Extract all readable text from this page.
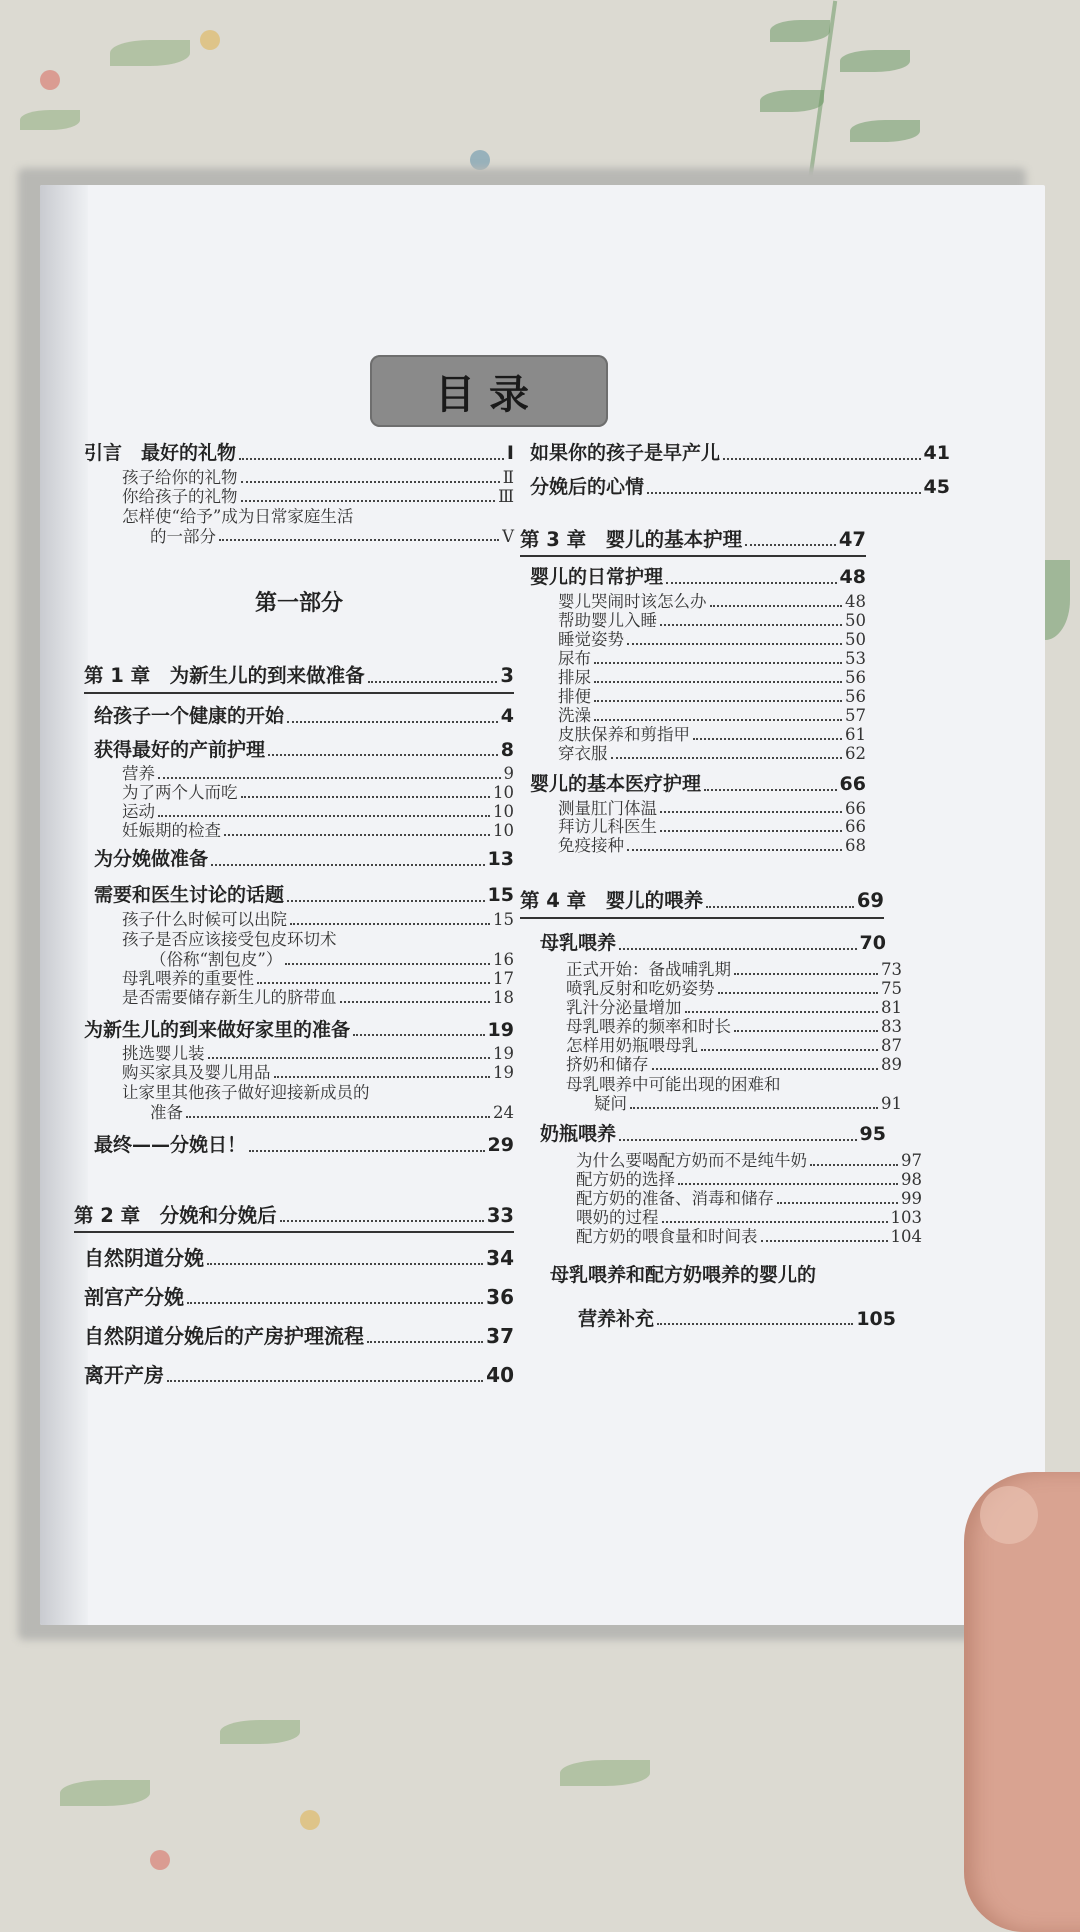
目录
引言　最好的礼物	Ⅰ
孩子给你的礼物	Ⅱ
你给孩子的礼物	Ⅲ
怎样使“给予”成为日常家庭生活
的一部分	Ⅴ
第一部分
第 1 章　为新生儿的到来做准备	3
给孩子一个健康的开始	4
获得最好的产前护理	8
营养	9
为了两个人而吃	10
运动	10
妊娠期的检查	10
为分娩做准备	13
需要和医生讨论的话题	15
孩子什么时候可以出院	15
孩子是否应该接受包皮环切术
（俗称“割包皮”）	16
母乳喂养的重要性	17
是否需要储存新生儿的脐带血	18
为新生儿的到来做好家里的准备	19
挑选婴儿装	19
购买家具及婴儿用品	19
让家里其他孩子做好迎接新成员的
准备	24
最终——分娩日！	29
第 2 章　分娩和分娩后	33
自然阴道分娩	34
剖宫产分娩	36
自然阴道分娩后的产房护理流程	37
离开产房	40
如果你的孩子是早产儿	41
分娩后的心情	45
第 3 章　婴儿的基本护理	47
婴儿的日常护理	48
婴儿哭闹时该怎么办	48
帮助婴儿入睡	50
睡觉姿势	50
尿布	53
排尿	56
排便	56
洗澡	57
皮肤保养和剪指甲	61
穿衣服	62
婴儿的基本医疗护理	66
测量肛门体温	66
拜访儿科医生	66
免疫接种	68
第 4 章　婴儿的喂养	69
母乳喂养	70
正式开始：备战哺乳期	73
喷乳反射和吃奶姿势	75
乳汁分泌量增加	81
母乳喂养的频率和时长	83
怎样用奶瓶喂母乳	87
挤奶和储存	89
母乳喂养中可能出现的困难和
疑问	91
奶瓶喂养	95
为什么要喝配方奶而不是纯牛奶	97
配方奶的选择	98
配方奶的准备、消毒和储存	99
喂奶的过程	103
配方奶的喂食量和时间表	104
母乳喂养和配方奶喂养的婴儿的
营养补充	105
